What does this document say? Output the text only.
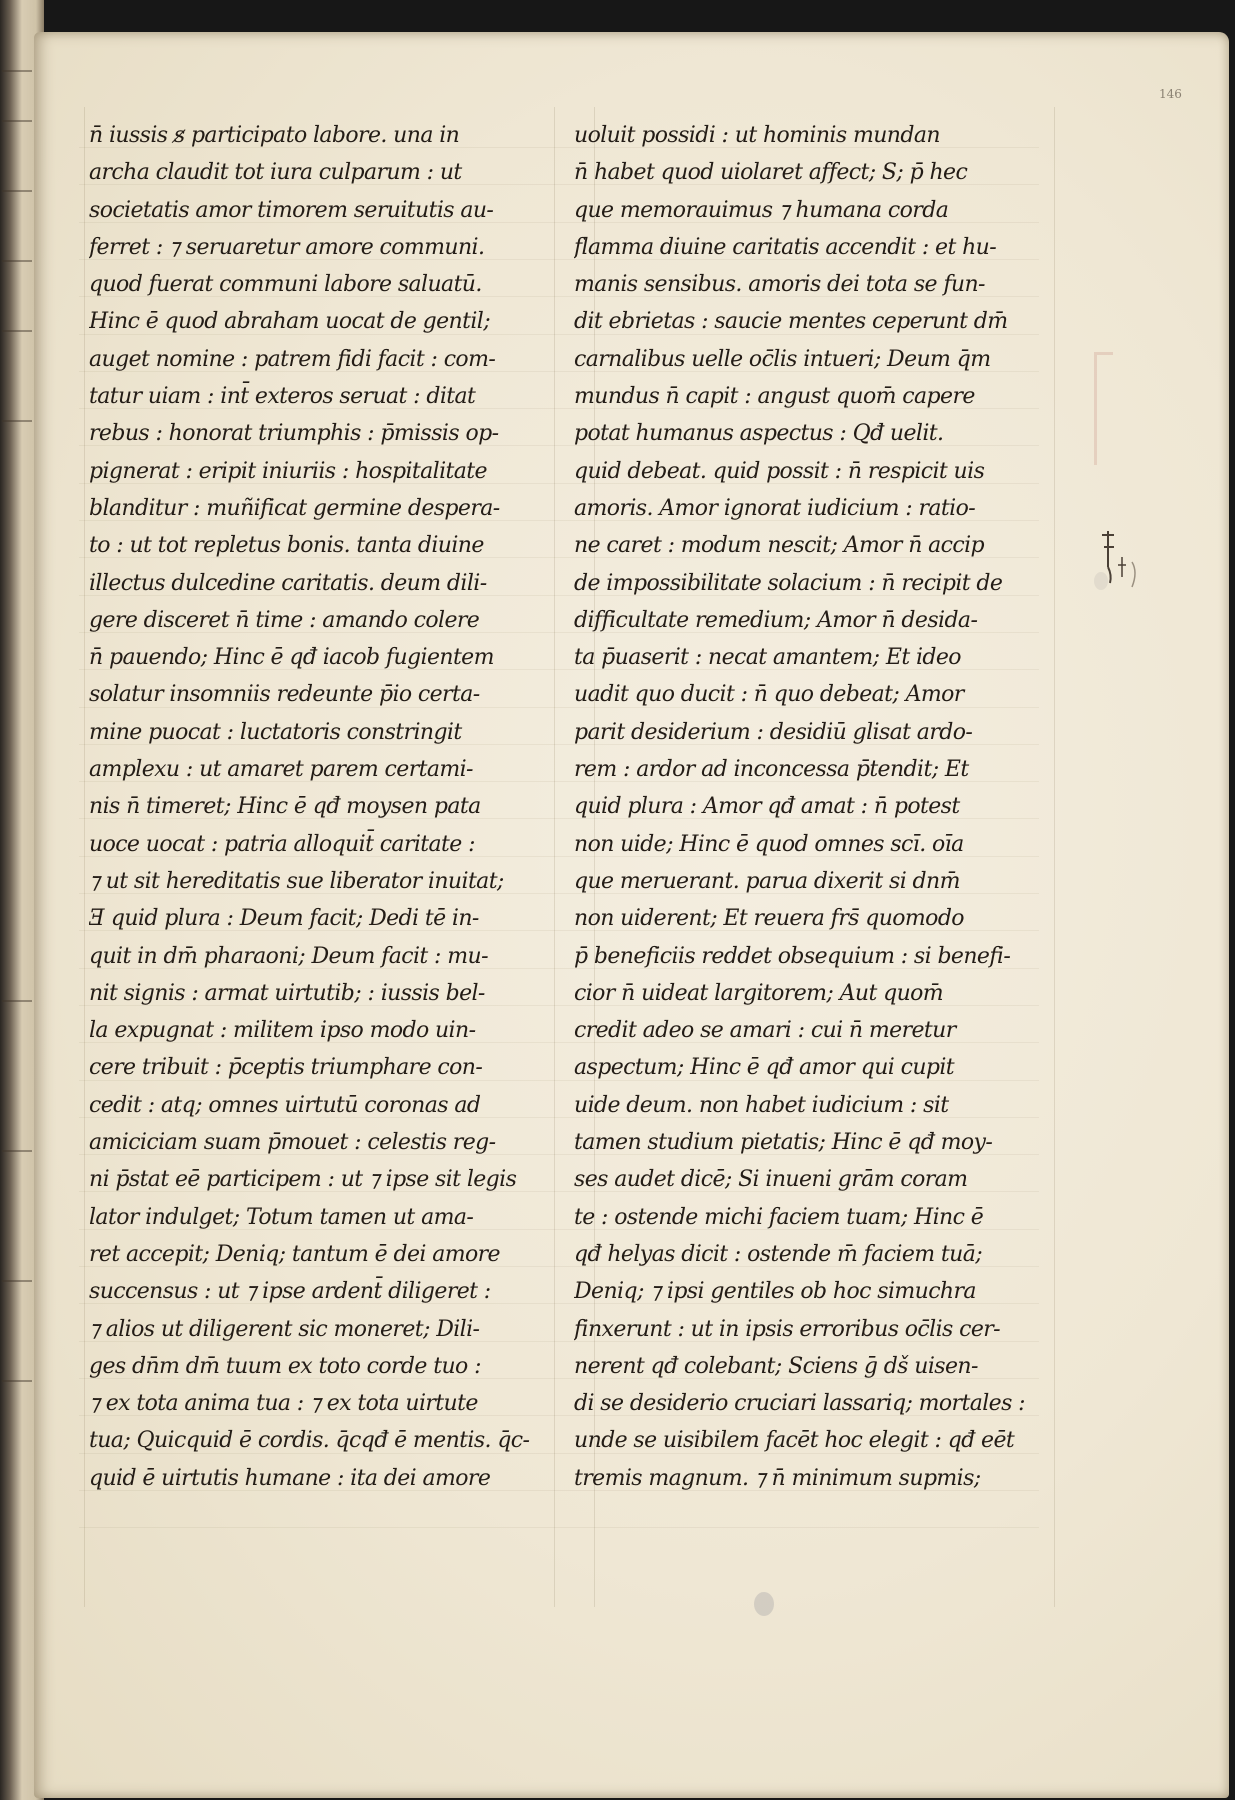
146
n̄ iussis s̷ participato labore. una in
archa claudit tot iura culparum : ut
societatis amor timorem seruitutis au-
ferret : ⁊ seruaretur amore communi.
quod fuerat communi labore saluatū.
Hinc ē quod abraham uocat de gentil;
auget nomine : patrem fidi facit : com-
tatur uiam : int̄ exteros seruat : ditat
rebus : honorat triumphis : p̄missis op-
pignerat : eripit iniuriis : hospitalitate
blanditur : muñificat germine despera-
to : ut tot repletus bonis. tanta diuine
illectus dulcedine caritatis. deum dili-
gere disceret n̄ time : amando colere
n̄ pauendo; Hinc ē qđ iacob fugientem
solatur insomniis redeunte p̄io certa-
mine puocat : luctatoris constringit
amplexu : ut amaret parem certami-
nis n̄ timeret; Hinc ē qđ moysen pata
uoce uocat : patria alloquit̄ caritate :
⁊ ut sit hereditatis sue liberator inuitat;
Ǝ quid plura : Deum facit; Dedi tē in-
quit in dm̄ pharaoni; Deum facit : mu-
nit signis : armat uirtutib; : iussis bel-
la expugnat : militem ipso modo uin-
cere tribuit : p̄ceptis triumphare con-
cedit : atq; omnes uirtutū coronas ad
amiciciam suam p̄mouet : celestis reg-
ni p̄stat eē participem : ut ⁊ ipse sit legis
lator indulget; Totum tamen ut ama-
ret accepit; Deniq; tantum ē dei amore
succensus : ut ⁊ ipse ardent̄ diligeret :
⁊ alios ut diligerent sic moneret; Dili-
ges dn̄m dm̄ tuum ex toto corde tuo :
⁊ ex tota anima tua : ⁊ ex tota uirtute
tua; Quicquid ē cordis. q̄cqđ ē mentis. q̄c-
quid ē uirtutis humane : ita dei amore
uoluit possidi : ut hominis mundan
n̄ habet quod uiolaret affect; S; p̄ hec
que memorauimus ⁊ humana corda
flamma diuine caritatis accendit : et hu-
manis sensibus. amoris dei tota se fun-
dit ebrietas : saucie mentes ceperunt dm̄
carnalibus uelle oc̄lis intueri; Deum q̄m
mundus n̄ capit : angust quom̄ capere
potat humanus aspectus : Qđ uelit.
quid debeat. quid possit : n̄ respicit uis
amoris. Amor ignorat iudicium : ratio-
ne caret : modum nescit; Amor n̄ accip
de impossibilitate solacium : n̄ recipit de
difficultate remedium; Amor n̄ desida-
ta p̄uaserit : necat amantem; Et ideo
uadit quo ducit : n̄ quo debeat; Amor
parit desiderium : desidiū glisat ardo-
rem : ardor ad inconcessa p̄tendit; Et
quid plura : Amor qđ amat : n̄ potest
non uide; Hinc ē quod omnes scī. oīa
que meruerant. parua dixerit si dnm̄
non uiderent; Et reuera frs̄ quomodo
p̄ beneficiis reddet obsequium : si benefi-
cior n̄ uideat largitorem; Aut quom̄
credit adeo se amari : cui n̄ meretur
aspectum; Hinc ē qđ amor qui cupit
uide deum. non habet iudicium : sit
tamen studium pietatis; Hinc ē qđ moy-
ses audet dicē; Si inueni grām coram
te : ostende michi faciem tuam; Hinc ē
qđ helyas dicit : ostende m̄ faciem tuā;
Deniq; ⁊ ipsi gentiles ob hoc simuchra
finxerunt : ut in ipsis erroribus oc̄lis cer-
nerent qđ colebant; Sciens ḡ dš uisen-
di se desiderio cruciari lassariq; mortales :
unde se uisibilem facēt hoc elegit : qđ eēt
tremis magnum. ⁊ n̄ minimum supmis;
